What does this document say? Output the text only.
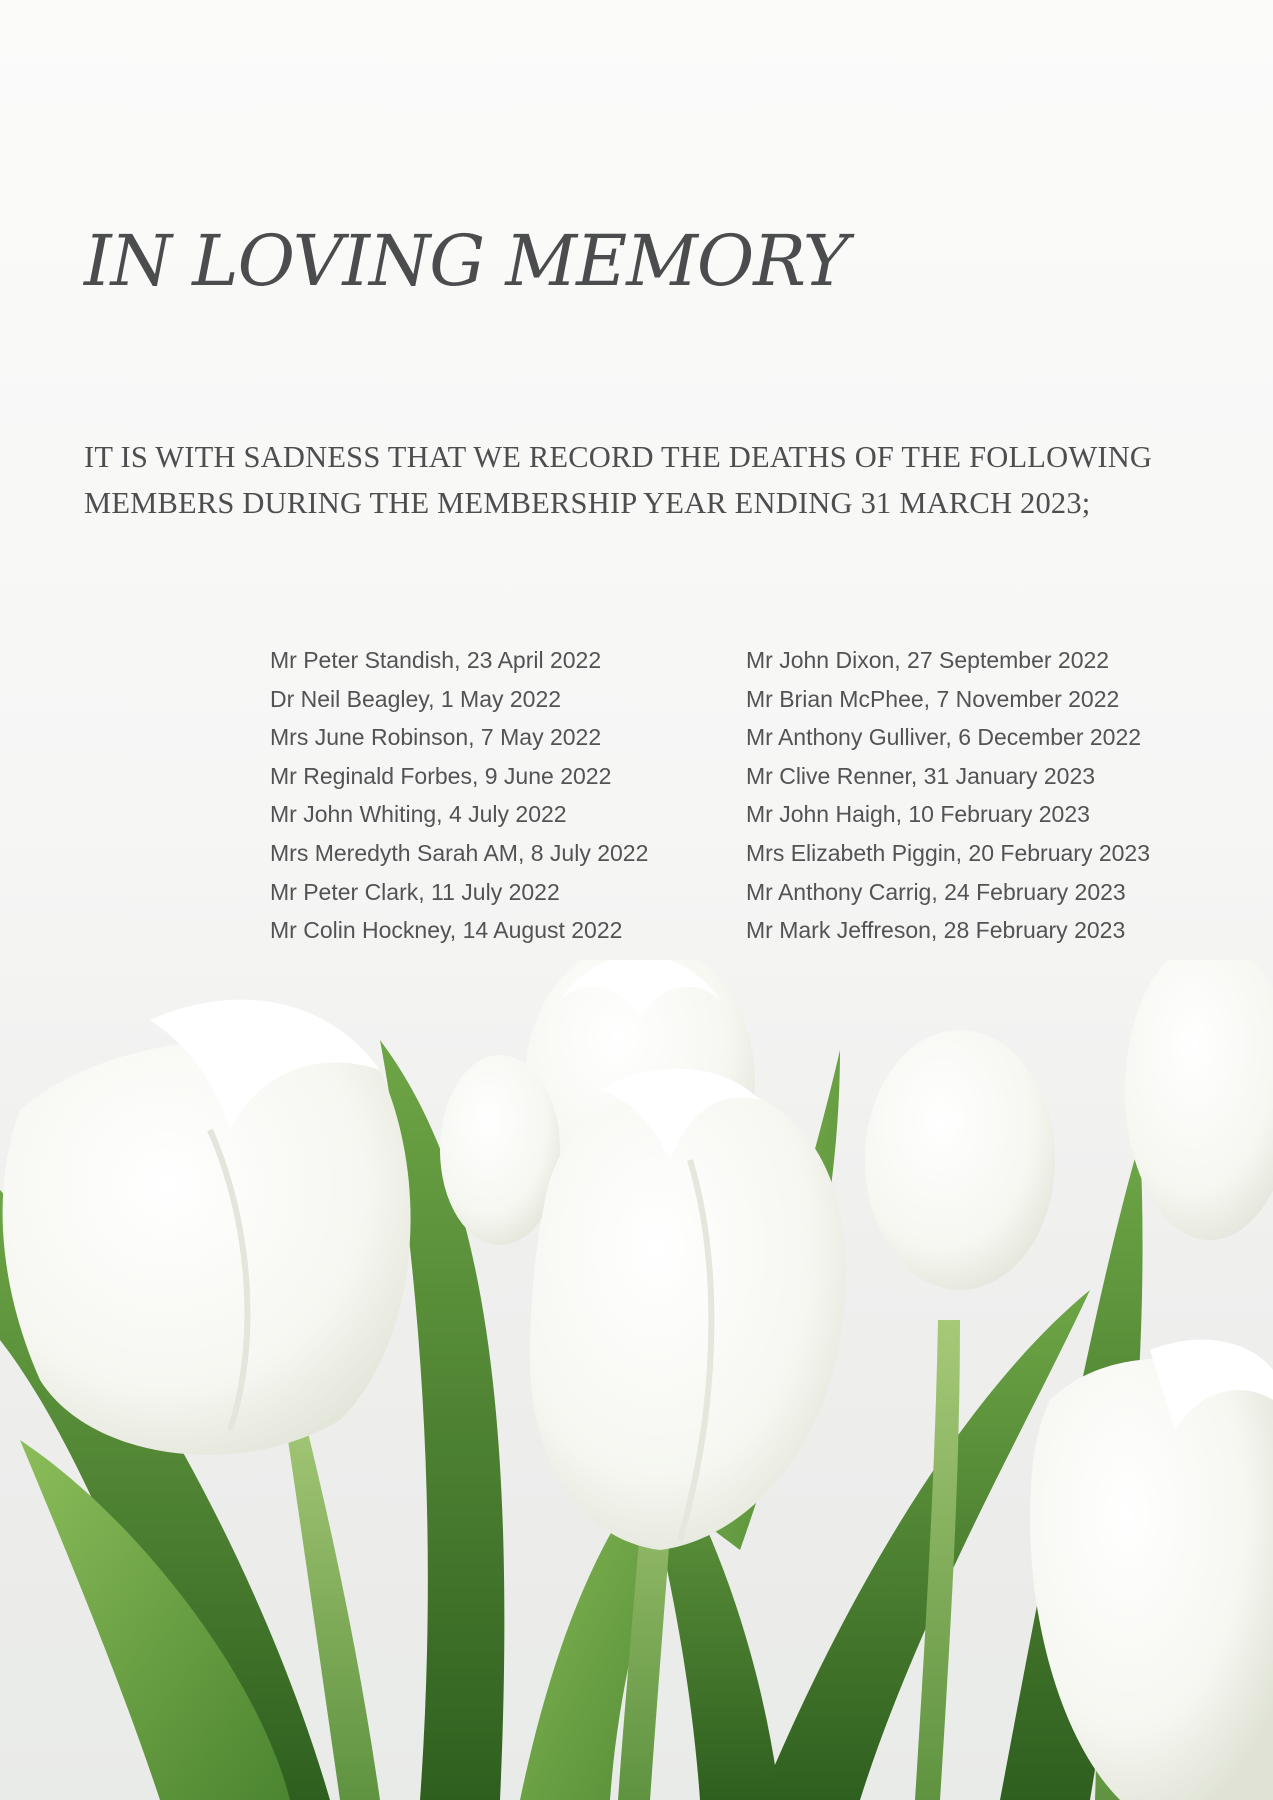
IN LOVING MEMORY

IT IS WITH SADNESS THAT WE RECORD THE DEATHS OF THE FOLLOWING MEMBERS DURING THE MEMBERSHIP YEAR ENDING 31 MARCH 2023;

Mr Peter Standish, 23 April 2022
Dr Neil Beagley, 1 May 2022
Mrs June Robinson, 7 May 2022
Mr Reginald Forbes, 9 June 2022
Mr John Whiting, 4 July 2022
Mrs Meredyth Sarah AM, 8 July 2022
Mr Peter Clark, 11 July 2022
Mr Colin Hockney, 14 August 2022
Mr John Dixon, 27 September 2022
Mr Brian McPhee, 7 November 2022
Mr Anthony Gulliver, 6 December 2022
Mr Clive Renner, 31 January 2023
Mr John Haigh, 10 February 2023
Mrs Elizabeth Piggin, 20 February 2023
Mr Anthony Carrig, 24 February 2023
Mr Mark Jeffreson, 28 February 2023
